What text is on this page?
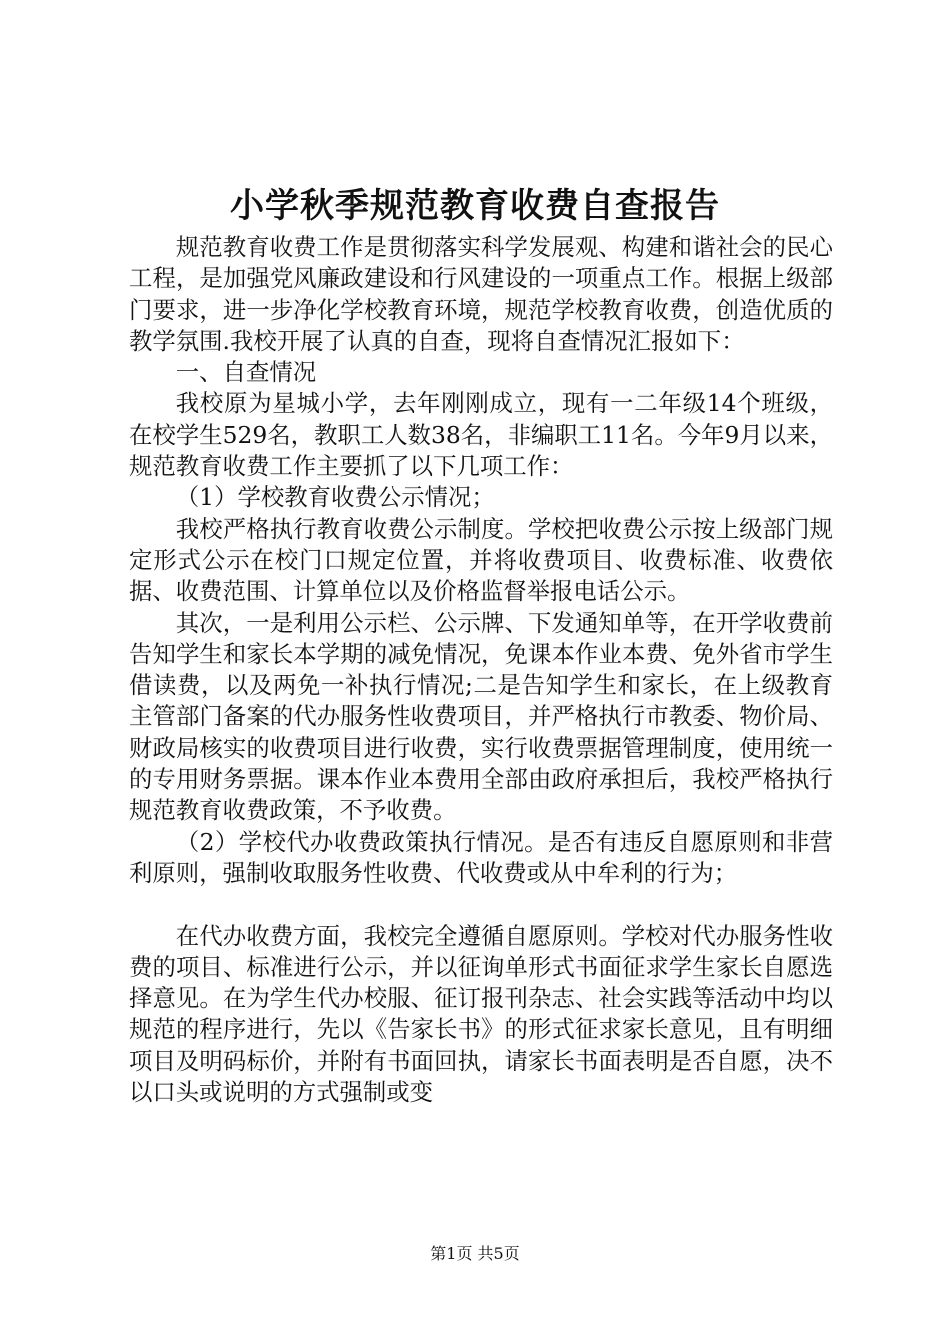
小学秋季规范教育收费自查报告

规范教育收费工作是贯彻落实科学发展观、构建和谐社会的民心工程，是加强党风廉政建设和行风建设的一项重点工作。根据上级部门要求，进一步净化学校教育环境，规范学校教育收费，创造优质的教学氛围.我校开展了认真的自查，现将自查情况汇报如下：

一、自查情况

我校原为星城小学，去年刚刚成立，现有一二年级14个班级，在校学生529名，教职工人数38名，非编职工11名。今年9月以来，规范教育收费工作主要抓了以下几项工作：

（1）学校教育收费公示情况；

我校严格执行教育收费公示制度。学校把收费公示按上级部门规定形式公示在校门口规定位置，并将收费项目、收费标准、收费依据、收费范围、计算单位以及价格监督举报电话公示。

其次，一是利用公示栏、公示牌、下发通知单等，在开学收费前告知学生和家长本学期的减免情况，免课本作业本费、免外省市学生借读费，以及两免一补执行情况;二是告知学生和家长，在上级教育主管部门备案的代办服务性收费项目，并严格执行市教委、物价局、财政局核实的收费项目进行收费，实行收费票据管理制度，使用统一的专用财务票据。课本作业本费用全部由政府承担后，我校严格执行规范教育收费政策，不予收费。

（2）学校代办收费政策执行情况。是否有违反自愿原则和非营利原则，强制收取服务性收费、代收费或从中牟利的行为；

在代办收费方面，我校完全遵循自愿原则。学校对代办服务性收费的项目、标准进行公示，并以征询单形式书面征求学生家长自愿选择意见。在为学生代办校服、征订报刊杂志、社会实践等活动中均以规范的程序进行，先以《告家长书》的形式征求家长意见，且有明细项目及明码标价，并附有书面回执，请家长书面表明是否自愿，决不以口头或说明的方式强制或变

第1页 共5页
